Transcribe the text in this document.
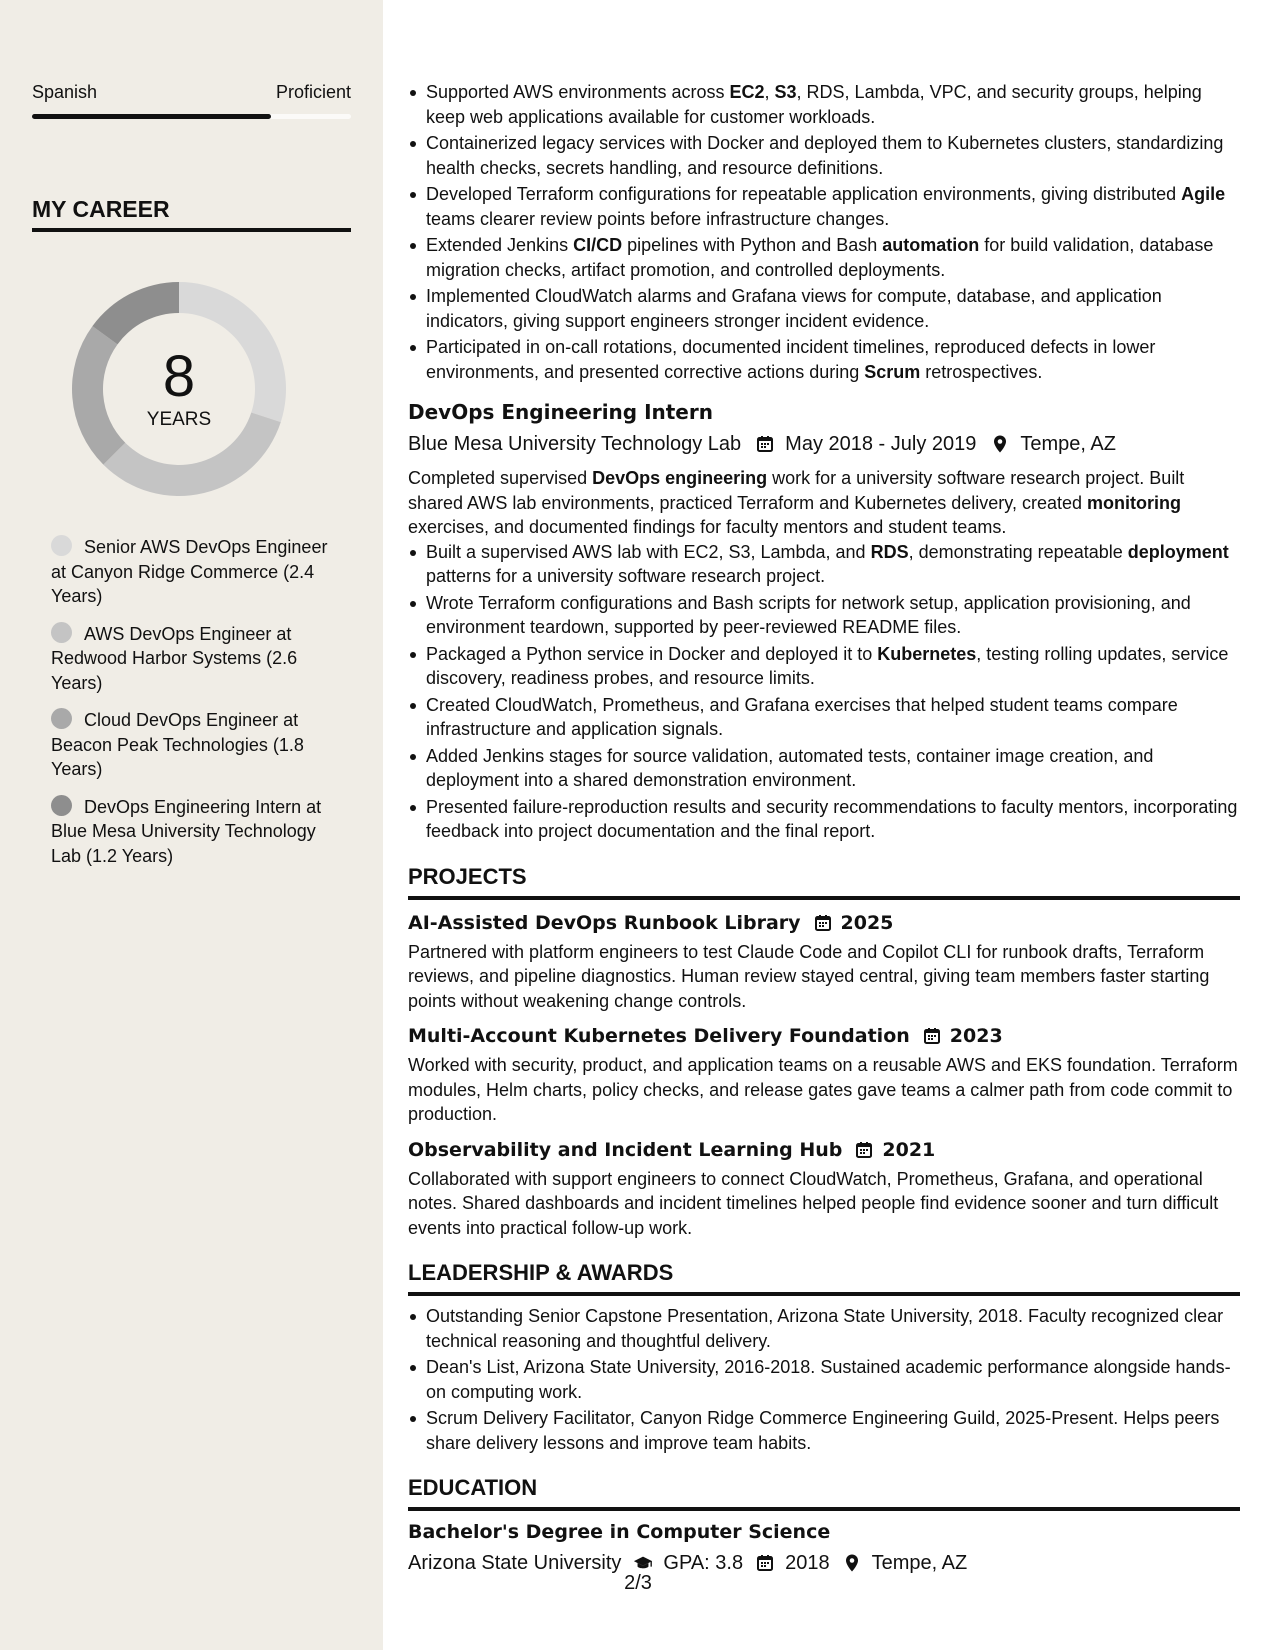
Spanish	Proficient
MY CAREER
8
YEARS
Senior AWS DevOps Engineer at Canyon Ridge Commerce (2.4 Years)
AWS DevOps Engineer at Redwood Harbor Systems (2.6 Years)
Cloud DevOps Engineer at Beacon Peak Technologies (1.8 Years)
DevOps Engineering Intern at Blue Mesa University Technology Lab (1.2 Years)
Supported AWS environments across EC2, S3, RDS, Lambda, VPC, and security groups, helping keep web applications available for customer workloads.
Containerized legacy services with Docker and deployed them to Kubernetes clusters, standardizing health checks, secrets handling, and resource definitions.
Developed Terraform configurations for repeatable application environments, giving distributed Agile teams clearer review points before infrastructure changes.
Extended Jenkins CI/CD pipelines with Python and Bash automation for build validation, database migration checks, artifact promotion, and controlled deployments.
Implemented CloudWatch alarms and Grafana views for compute, database, and application indicators, giving support engineers stronger incident evidence.
Participated in on-call rotations, documented incident timelines, reproduced defects in lower environments, and presented corrective actions during Scrum retrospectives.
DevOps Engineering Intern
Blue Mesa University Technology Lab May 2018 - July 2019 Tempe, AZ
Completed supervised DevOps engineering work for a university software research project. Built shared AWS lab environments, practiced Terraform and Kubernetes delivery, created monitoring exercises, and documented findings for faculty mentors and student teams.
Built a supervised AWS lab with EC2, S3, Lambda, and RDS, demonstrating repeatable deployment patterns for a university software research project.
Wrote Terraform configurations and Bash scripts for network setup, application provisioning, and environment teardown, supported by peer-reviewed README files.
Packaged a Python service in Docker and deployed it to Kubernetes, testing rolling updates, service discovery, readiness probes, and resource limits.
Created CloudWatch, Prometheus, and Grafana exercises that helped student teams compare infrastructure and application signals.
Added Jenkins stages for source validation, automated tests, container image creation, and deployment into a shared demonstration environment.
Presented failure-reproduction results and security recommendations to faculty mentors, incorporating feedback into project documentation and the final report.
PROJECTS
AI-Assisted DevOps Runbook Library 2025
Partnered with platform engineers to test Claude Code and Copilot CLI for runbook drafts, Terraform reviews, and pipeline diagnostics. Human review stayed central, giving team members faster starting points without weakening change controls.
Multi-Account Kubernetes Delivery Foundation 2023
Worked with security, product, and application teams on a reusable AWS and EKS foundation. Terraform modules, Helm charts, policy checks, and release gates gave teams a calmer path from code commit to production.
Observability and Incident Learning Hub 2021
Collaborated with support engineers to connect CloudWatch, Prometheus, Grafana, and operational notes. Shared dashboards and incident timelines helped people find evidence sooner and turn difficult events into practical follow-up work.
LEADERSHIP & AWARDS
Outstanding Senior Capstone Presentation, Arizona State University, 2018. Faculty recognized clear technical reasoning and thoughtful delivery.
Dean's List, Arizona State University, 2016-2018. Sustained academic performance alongside hands-on computing work.
Scrum Delivery Facilitator, Canyon Ridge Commerce Engineering Guild, 2025-Present. Helps peers share delivery lessons and improve team habits.
EDUCATION
Bachelor's Degree in Computer Science
Arizona State University GPA: 3.8 2018 Tempe, AZ
2/3
